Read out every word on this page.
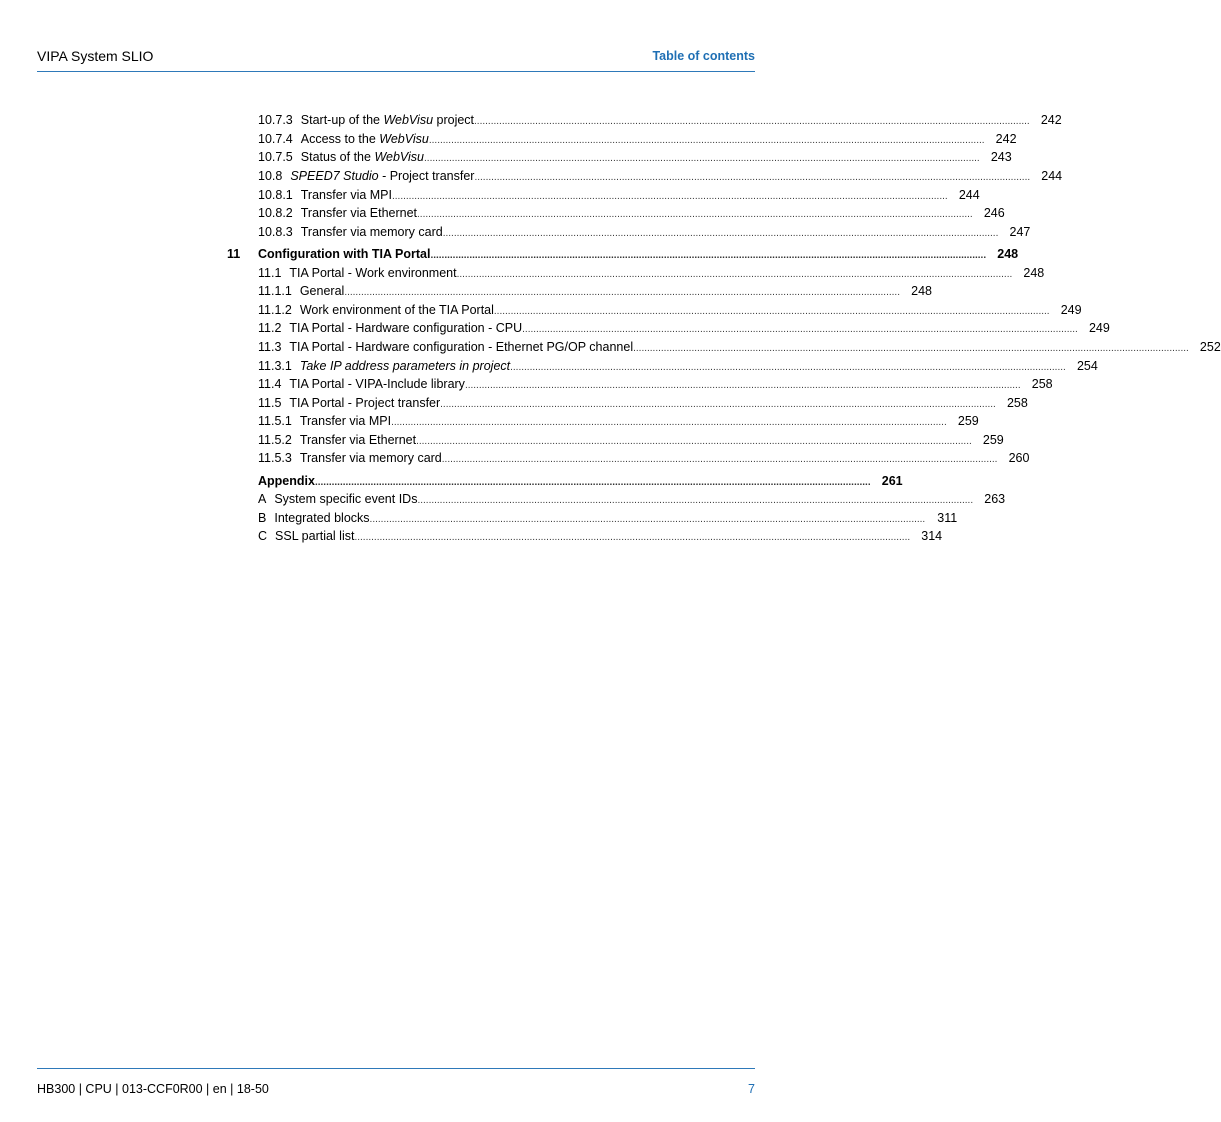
VIPA System SLIO	Table of contents
10.7.3 Start-up of the WebVisu project .....	242
10.7.4 Access to the WebVisu .....	242
10.7.5 Status of the WebVisu .....	243
10.8 SPEED7 Studio - Project transfer .....	244
10.8.1 Transfer via MPI .....	244
10.8.2 Transfer via Ethernet .....	246
10.8.3 Transfer via memory card .....	247
11	Configuration with TIA Portal .....	248
11.1 TIA Portal - Work environment .....	248
11.1.1 General .....	248
11.1.2 Work environment of the TIA Portal .....	249
11.2 TIA Portal - Hardware configuration - CPU .....	249
11.3 TIA Portal - Hardware configuration - Ethernet PG/OP channel .....	252
11.3.1 Take IP address parameters in project .....	254
11.4 TIA Portal - VIPA-Include library .....	258
11.5 TIA Portal - Project transfer .....	258
11.5.1 Transfer via MPI .....	259
11.5.2 Transfer via Ethernet .....	259
11.5.3 Transfer via memory card .....	260
Appendix .....	261
A System specific event IDs .....	263
B Integrated blocks .....	311
C SSL partial list .....	314
HB300 | CPU | 013-CCF0R00 | en | 18-50	7
